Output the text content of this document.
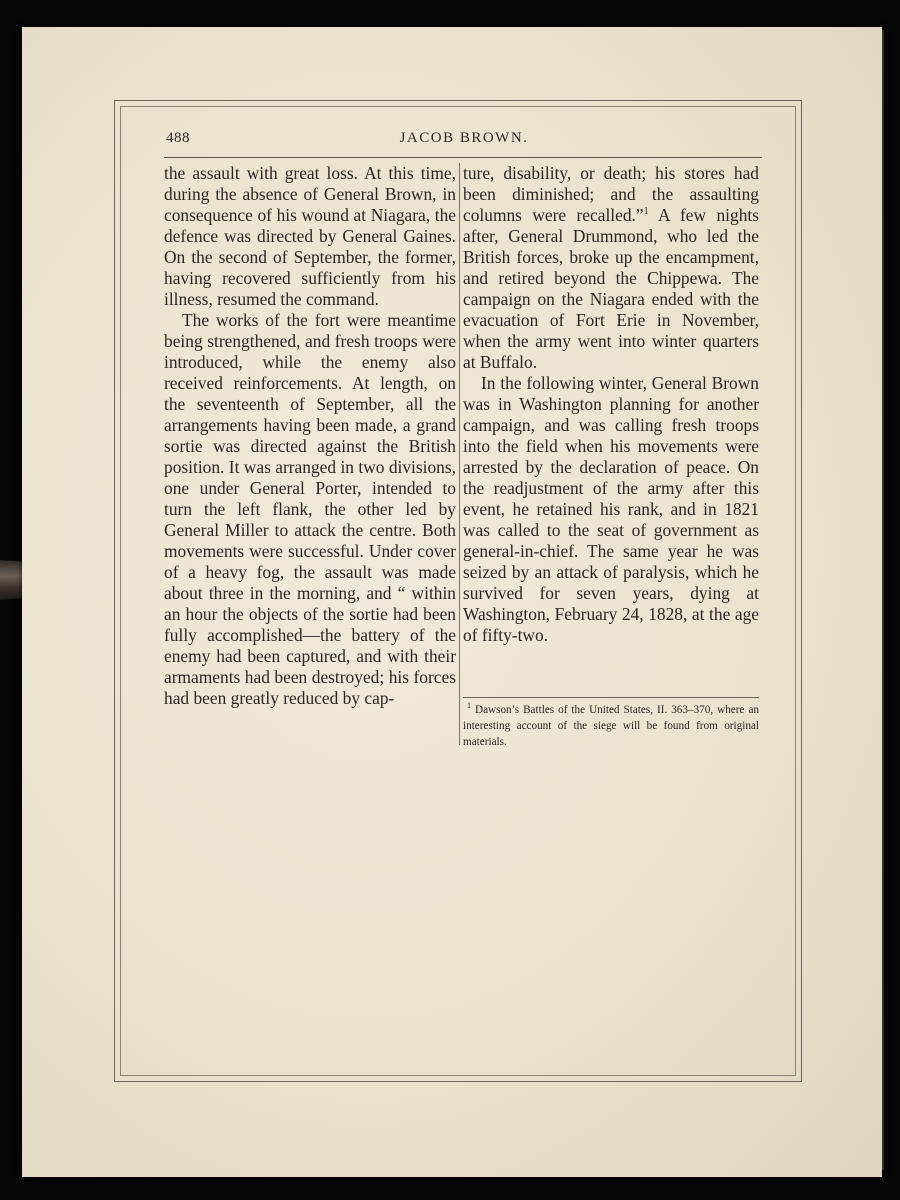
488	JACOB BROWN.

the assault with great loss. At this time, during the absence of General Brown, in consequence of his wound at Niagara, the defence was directed by General Gaines. On the second of September, the former, having recovered sufficiently from his illness, resumed the command.

The works of the fort were meantime being strengthened, and fresh troops were introduced, while the enemy also received reinforcements. At length, on the seventeenth of September, all the arrangements having been made, a grand sortie was directed against the British position. It was arranged in two divisions, one under General Porter, intended to turn the left flank, the other led by General Miller to attack the centre. Both movements were successful. Under cover of a heavy fog, the assault was made about three in the morning, and “ within an hour the objects of the sortie had been fully accomplished—the battery of the enemy had been captured, and with their armaments had been destroyed; his forces had been greatly reduced by cap-

ture, disability, or death; his stores had been diminished; and the assaulting columns were recalled.”$^1$ A few nights after, General Drummond, who led the British forces, broke up the encampment, and retired beyond the Chippewa. The campaign on the Niagara ended with the evacuation of Fort Erie in November, when the army went into winter quarters at Buffalo.

In the following winter, General Brown was in Washington planning for another campaign, and was calling fresh troops into the field when his movements were arrested by the declaration of peace. On the readjustment of the army after this event, he retained his rank, and in 1821 was called to the seat of government as general-in-chief. The same year he was seized by an attack of paralysis, which he survived for seven years, dying at Washington, February 24, 1828, at the age of fifty-two.

1 Dawson’s Battles of the United States, II. 363–370, where an interesting account of the siege will be found from original materials.
